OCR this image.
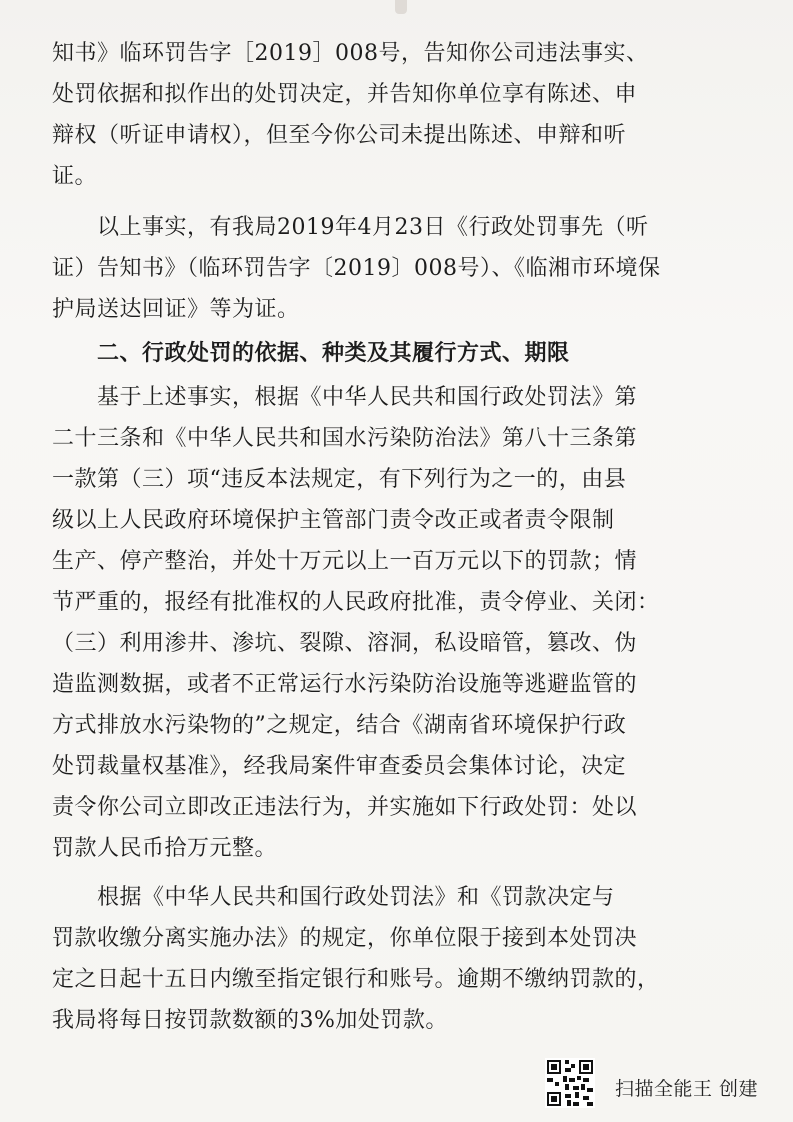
知书》临环罚告字［2019］008号，告知你公司违法事实、
处罚依据和拟作出的处罚决定，并告知你单位享有陈述、申
辩权（听证申请权），但至今你公司未提出陈述、申辩和听
证。
以上事实，有我局2019年4月23日《行政处罚事先（听
证）告知书》（临环罚告字〔2019〕008号）、《临湘市环境保
护局送达回证》等为证。
二、行政处罚的依据、种类及其履行方式、期限
基于上述事实，根据《中华人民共和国行政处罚法》第
二十三条和《中华人民共和国水污染防治法》第八十三条第
一款第（三）项“违反本法规定，有下列行为之一的，由县
级以上人民政府环境保护主管部门责令改正或者责令限制
生产、停产整治，并处十万元以上一百万元以下的罚款；情
节严重的，报经有批准权的人民政府批准，责令停业、关闭：
（三）利用渗井、渗坑、裂隙、溶洞，私设暗管，篡改、伪
造监测数据，或者不正常运行水污染防治设施等逃避监管的
方式排放水污染物的”之规定，结合《湖南省环境保护行政
处罚裁量权基准》，经我局案件审查委员会集体讨论，决定
责令你公司立即改正违法行为，并实施如下行政处罚：处以
罚款人民币拾万元整。
根据《中华人民共和国行政处罚法》和《罚款决定与
罚款收缴分离实施办法》的规定，你单位限于接到本处罚决
定之日起十五日内缴至指定银行和账号。逾期不缴纳罚款的，
我局将每日按罚款数额的3%加处罚款。
扫描全能王 创建
